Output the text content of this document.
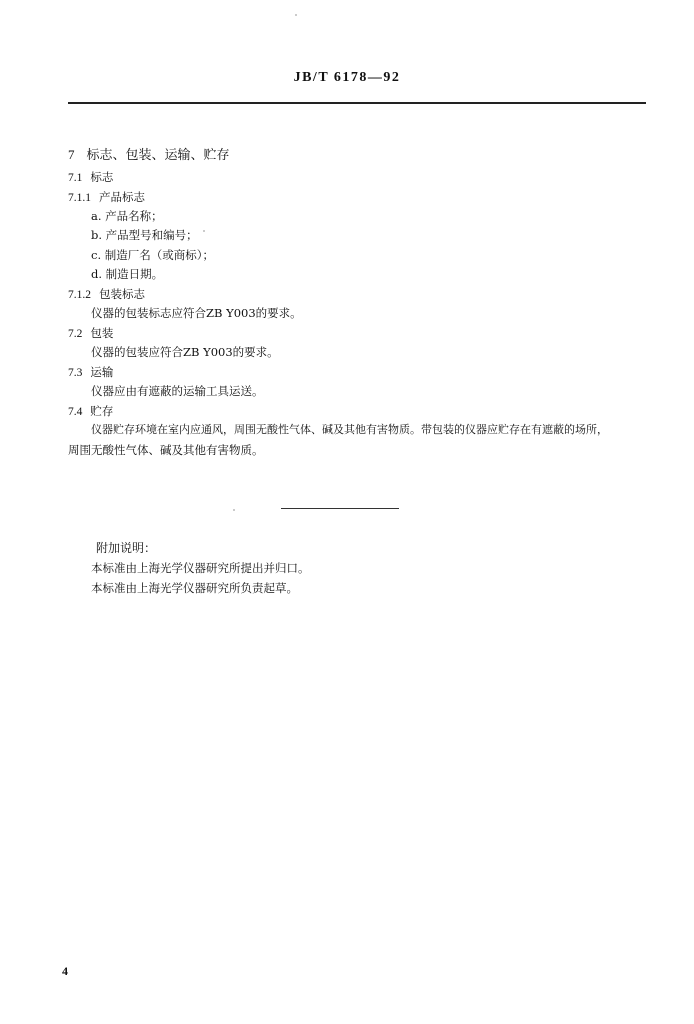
JB/T 6178—92
7 标志、包装、运输、贮存
7.1 标志
7.1.1 产品标志
a. 产品名称；
b. 产品型号和编号；
c. 制造厂名（或商标）；
d. 制造日期。
7.1.2 包装标志
仪器的包装标志应符合ZB Y003的要求。
7.2 包装
仪器的包装应符合ZB Y003的要求。
7.3 运输
仪器应由有遮蔽的运输工具运送。
7.4 贮存
仪器贮存环境在室内应通风，周围无酸性气体、碱及其他有害物质。带包装的仪器应贮存在有遮蔽的场所，
周围无酸性气体、碱及其他有害物质。
附加说明：
本标准由上海光学仪器研究所提出并归口。
本标准由上海光学仪器研究所负责起草。
4
